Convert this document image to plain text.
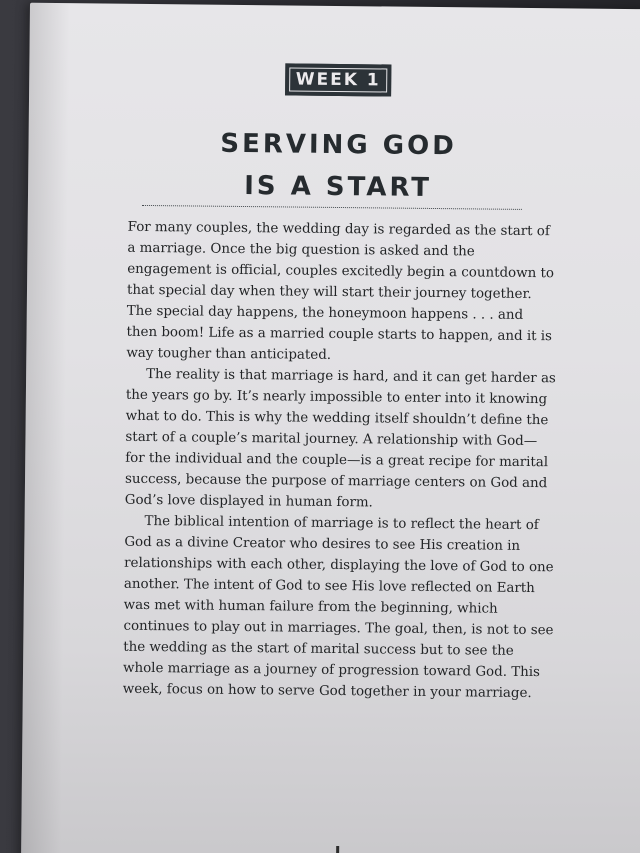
WEEK 1
SERVING GOD
IS A START

For many couples, the wedding day is regarded as the start of a marriage. Once the big question is asked and the engagement is official, couples excitedly begin a countdown to that special day when they will start their journey together. The special day happens, the honeymoon happens . . . and then boom! Life as a married couple starts to happen, and it is way tougher than anticipated.

The reality is that marriage is hard, and it can get harder as the years go by. It’s nearly impossible to enter into it knowing what to do. This is why the wedding itself shouldn’t define the start of a couple’s marital journey. A relationship with God—for the individual and the couple—is a great recipe for marital success, because the purpose of marriage centers on God and God’s love displayed in human form.

The biblical intention of marriage is to reflect the heart of God as a divine Creator who desires to see His creation in relationships with each other, displaying the love of God to one another. The intent of God to see His love reflected on Earth was met with human failure from the beginning, which continues to play out in marriages. The goal, then, is not to see the wedding as the start of marital success but to see the whole marriage as a journey of progression toward God. This week, focus on how to serve God together in your marriage.
